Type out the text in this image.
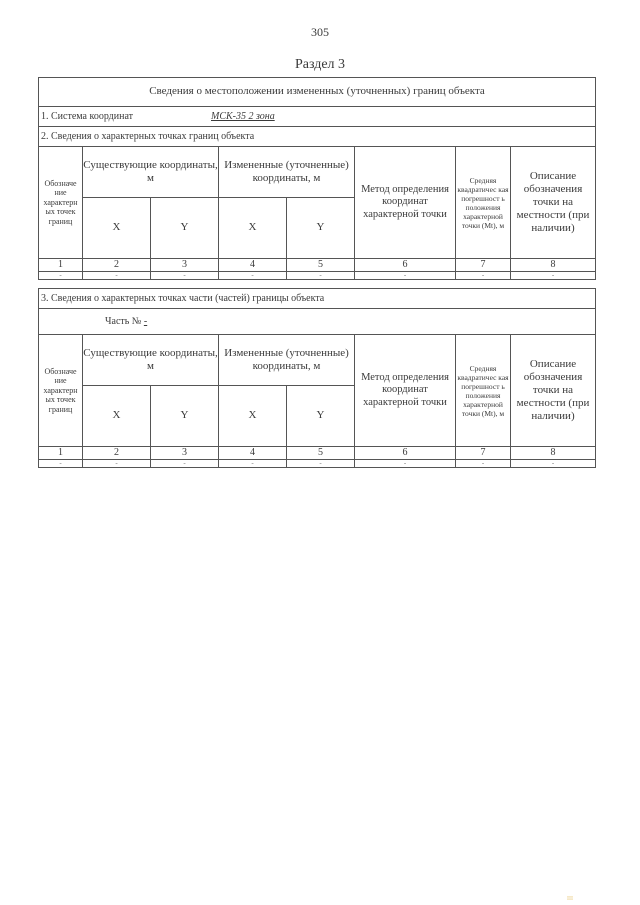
305
Раздел 3
Сведения о местоположении измененных (уточненных) границ объекта							
1. Система координат МСК-35 2 зона							
2. Сведения о характерных точках границ объекта							
Обозначе ние характерн ых точек границ	Существующие координаты, м		Измененные (уточненные) координаты, м		Метод определения координат характерной точки	Средняя квадратичес кая погрешност ь положения характерной точки (Mt), м	Описание обозначения точки на местности (при наличии)
	X	Y	X	Y			
1	2	3	4	5	6	7	8
-	-	-	-	-	-	-	-
3. Сведения о характерных точках части (частей) границы объекта							
Часть № -							
Обозначе ние характерн ых точек границ	Существующие координаты, м		Измененные (уточненные) координаты, м		Метод определения координат характерной точки	Средняя квадратичес кая погрешност ь положения характерной точки (Mt), м	Описание обозначения точки на местности (при наличии)
	X	Y	X	Y			
1	2	3	4	5	6	7	8
-	-	-	-	-	-	-	-
III
